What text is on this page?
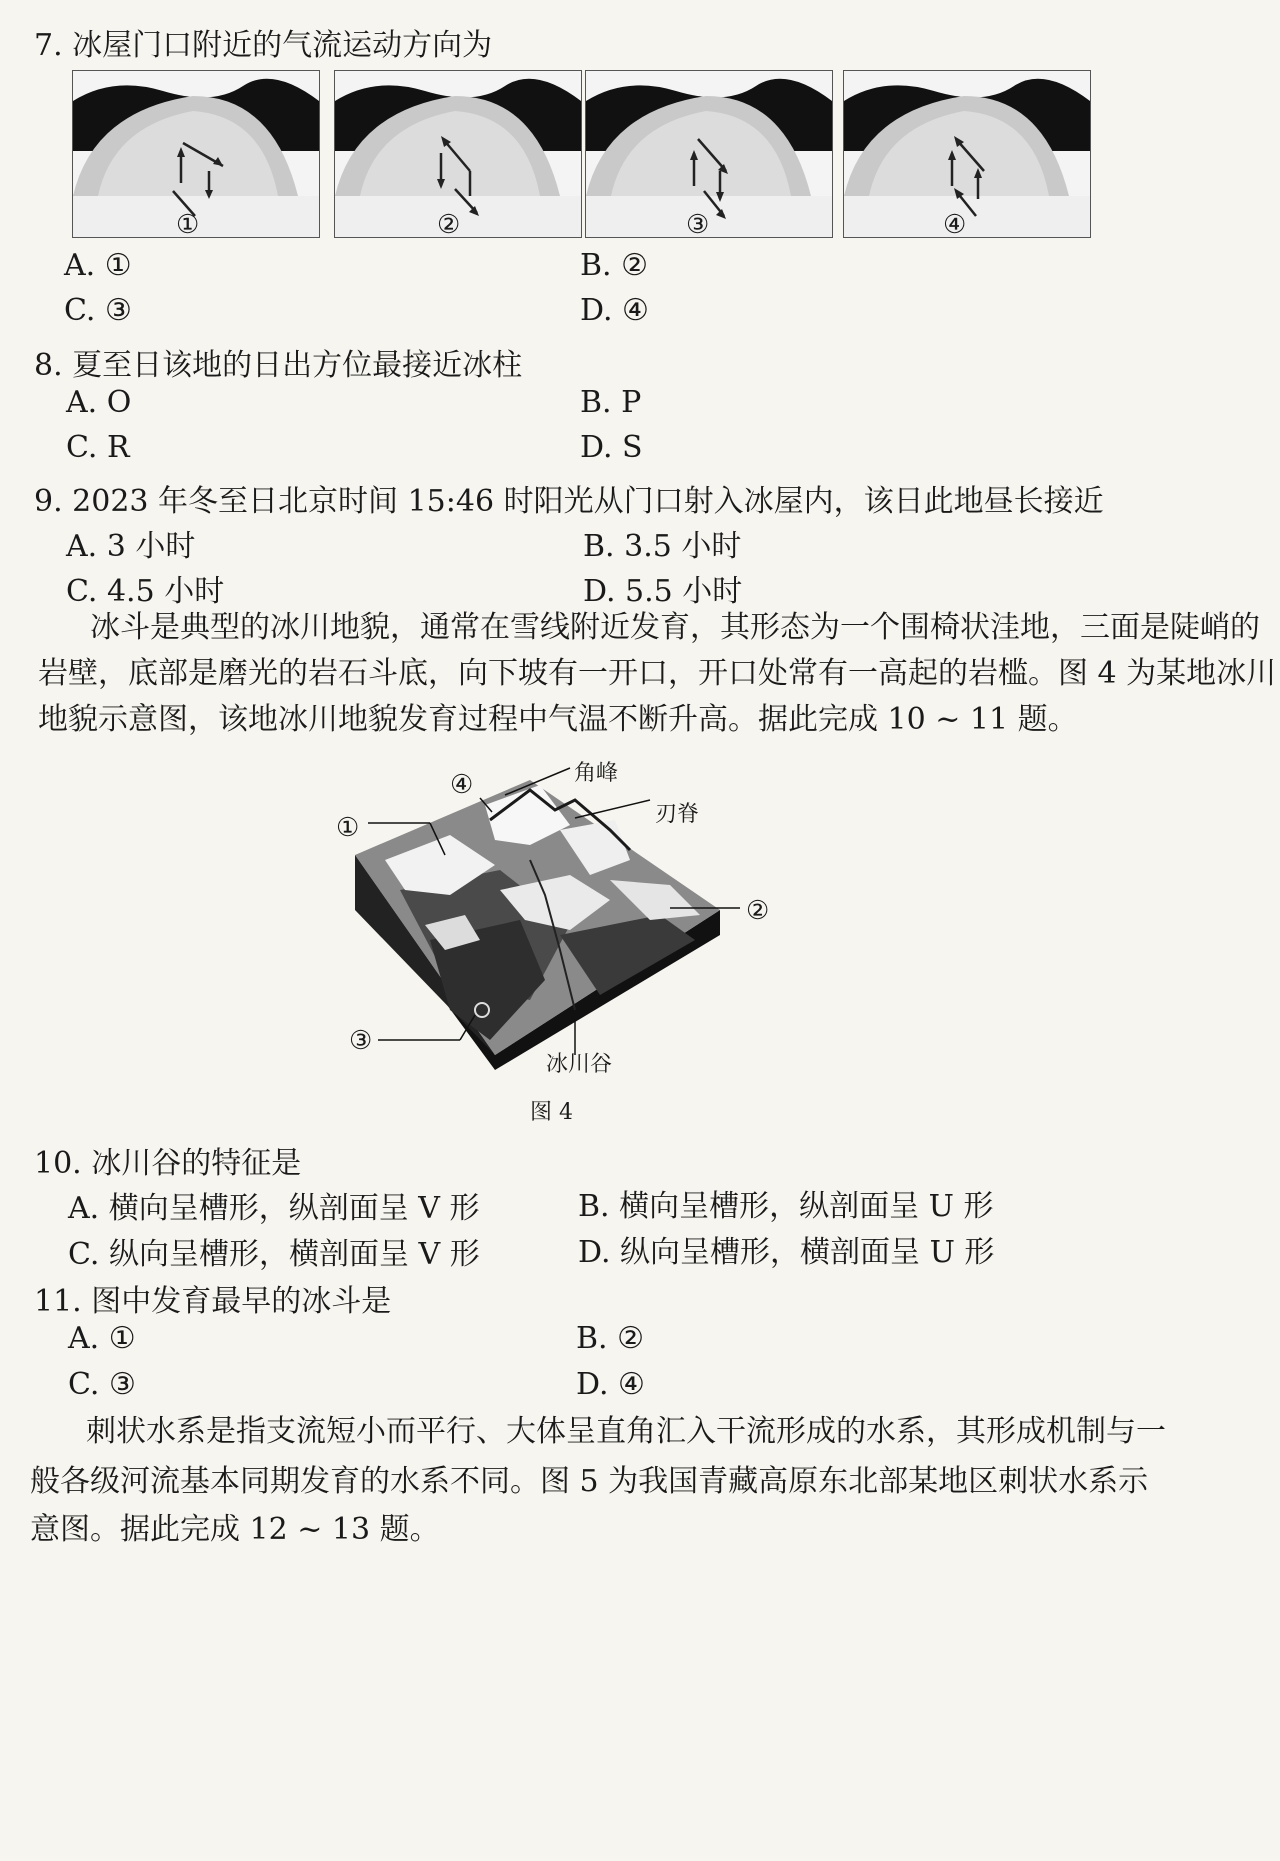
7. 冰屋门口附近的气流运动方向为
①	②	③	④
A. ①	B. ②
C. ③	D. ④
8. 夏至日该地的日出方位最接近冰柱
A. O	B. P
C. R	D. S
9. 2023 年冬至日北京时间 15:46 时阳光从门口射入冰屋内，该日此地昼长接近
A. 3 小时	B. 3.5 小时
C. 4.5 小时	D. 5.5 小时
冰斗是典型的冰川地貌，通常在雪线附近发育，其形态为一个围椅状洼地，三面是陡峭的
岩壁，底部是磨光的岩石斗底，向下坡有一开口，开口处常有一高起的岩槛。图 4 为某地冰川
地貌示意图，该地冰川地貌发育过程中气温不断升高。据此完成 10 ~ 11 题。
角峰
④
刃脊
①
②
③
冰川谷
图 4
10. 冰川谷的特征是
A. 横向呈槽形，纵剖面呈 V 形	B. 横向呈槽形，纵剖面呈 U 形
C. 纵向呈槽形，横剖面呈 V 形	D. 纵向呈槽形，横剖面呈 U 形
11. 图中发育最早的冰斗是
A. ①	B. ②
C. ③	D. ④
刺状水系是指支流短小而平行、大体呈直角汇入干流形成的水系，其形成机制与一
般各级河流基本同期发育的水系不同。图 5 为我国青藏高原东北部某地区刺状水系示
意图。据此完成 12 ~ 13 题。
